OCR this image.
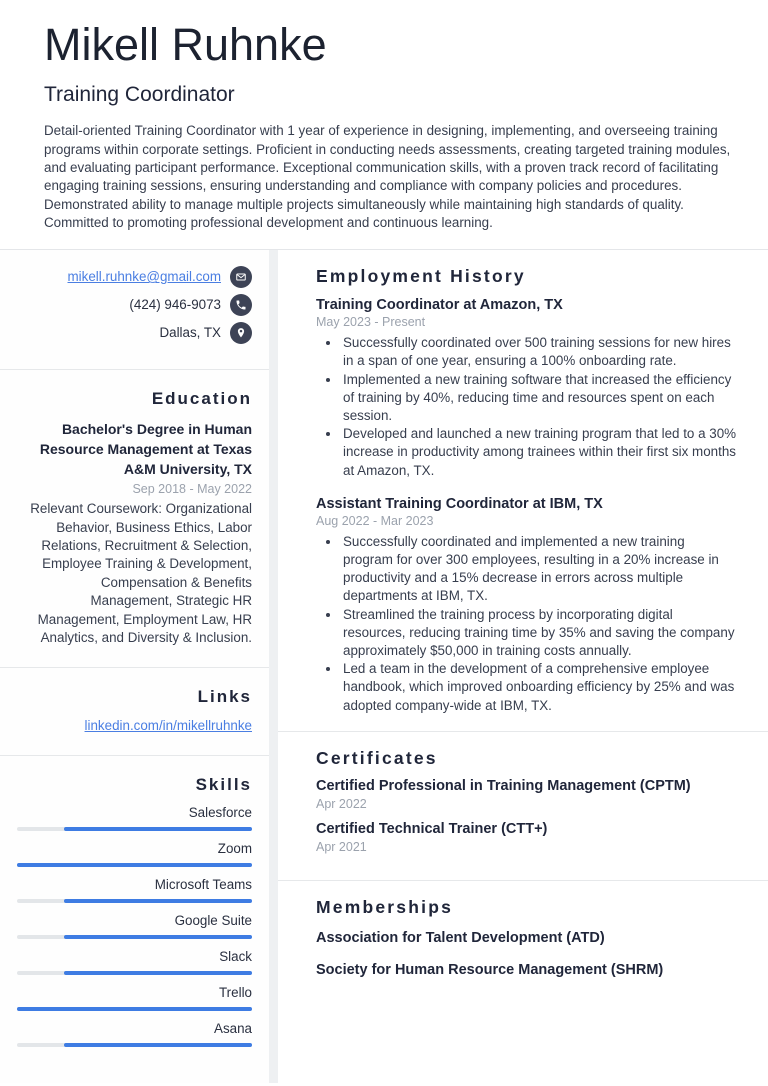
Mikell Ruhnke
Training Coordinator

Detail-oriented Training Coordinator with 1 year of experience in designing, implementing, and overseeing training programs within corporate settings. Proficient in conducting needs assessments, creating targeted training modules, and evaluating participant performance. Exceptional communication skills, with a proven track record of facilitating engaging training sessions, ensuring understanding and compliance with company policies and procedures. Demonstrated ability to manage multiple projects simultaneously while maintaining high standards of quality. Committed to promoting professional development and continuous learning.

mikell.ruhnke@gmail.com
(424) 946-9073
Dallas, TX
Education
Bachelor's Degree in Human Resource Management at Texas A&M University, TX
Sep 2018 - May 2022
Relevant Coursework: Organizational Behavior, Business Ethics, Labor Relations, Recruitment & Selection, Employee Training & Development, Compensation & Benefits Management, Strategic HR Management, Employment Law, HR Analytics, and Diversity & Inclusion.
Links
linkedin.com/in/mikellruhnke
Skills
Salesforce
Zoom
Microsoft Teams
Google Suite
Slack
Trello
Asana
Employment History
Training Coordinator at Amazon, TX
May 2023 - Present
• Successfully coordinated over 500 training sessions for new hires in a span of one year, ensuring a 100% onboarding rate.
• Implemented a new training software that increased the efficiency of training by 40%, reducing time and resources spent on each session.
• Developed and launched a new training program that led to a 30% increase in productivity among trainees within their first six months at Amazon, TX.
Assistant Training Coordinator at IBM, TX
Aug 2022 - Mar 2023
• Successfully coordinated and implemented a new training program for over 300 employees, resulting in a 20% increase in productivity and a 15% decrease in errors across multiple departments at IBM, TX.
• Streamlined the training process by incorporating digital resources, reducing training time by 35% and saving the company approximately $50,000 in training costs annually.
• Led a team in the development of a comprehensive employee handbook, which improved onboarding efficiency by 25% and was adopted company-wide at IBM, TX.
Certificates
Certified Professional in Training Management (CPTM)
Apr 2022
Certified Technical Trainer (CTT+)
Apr 2021
Memberships
Association for Talent Development (ATD)
Society for Human Resource Management (SHRM)
